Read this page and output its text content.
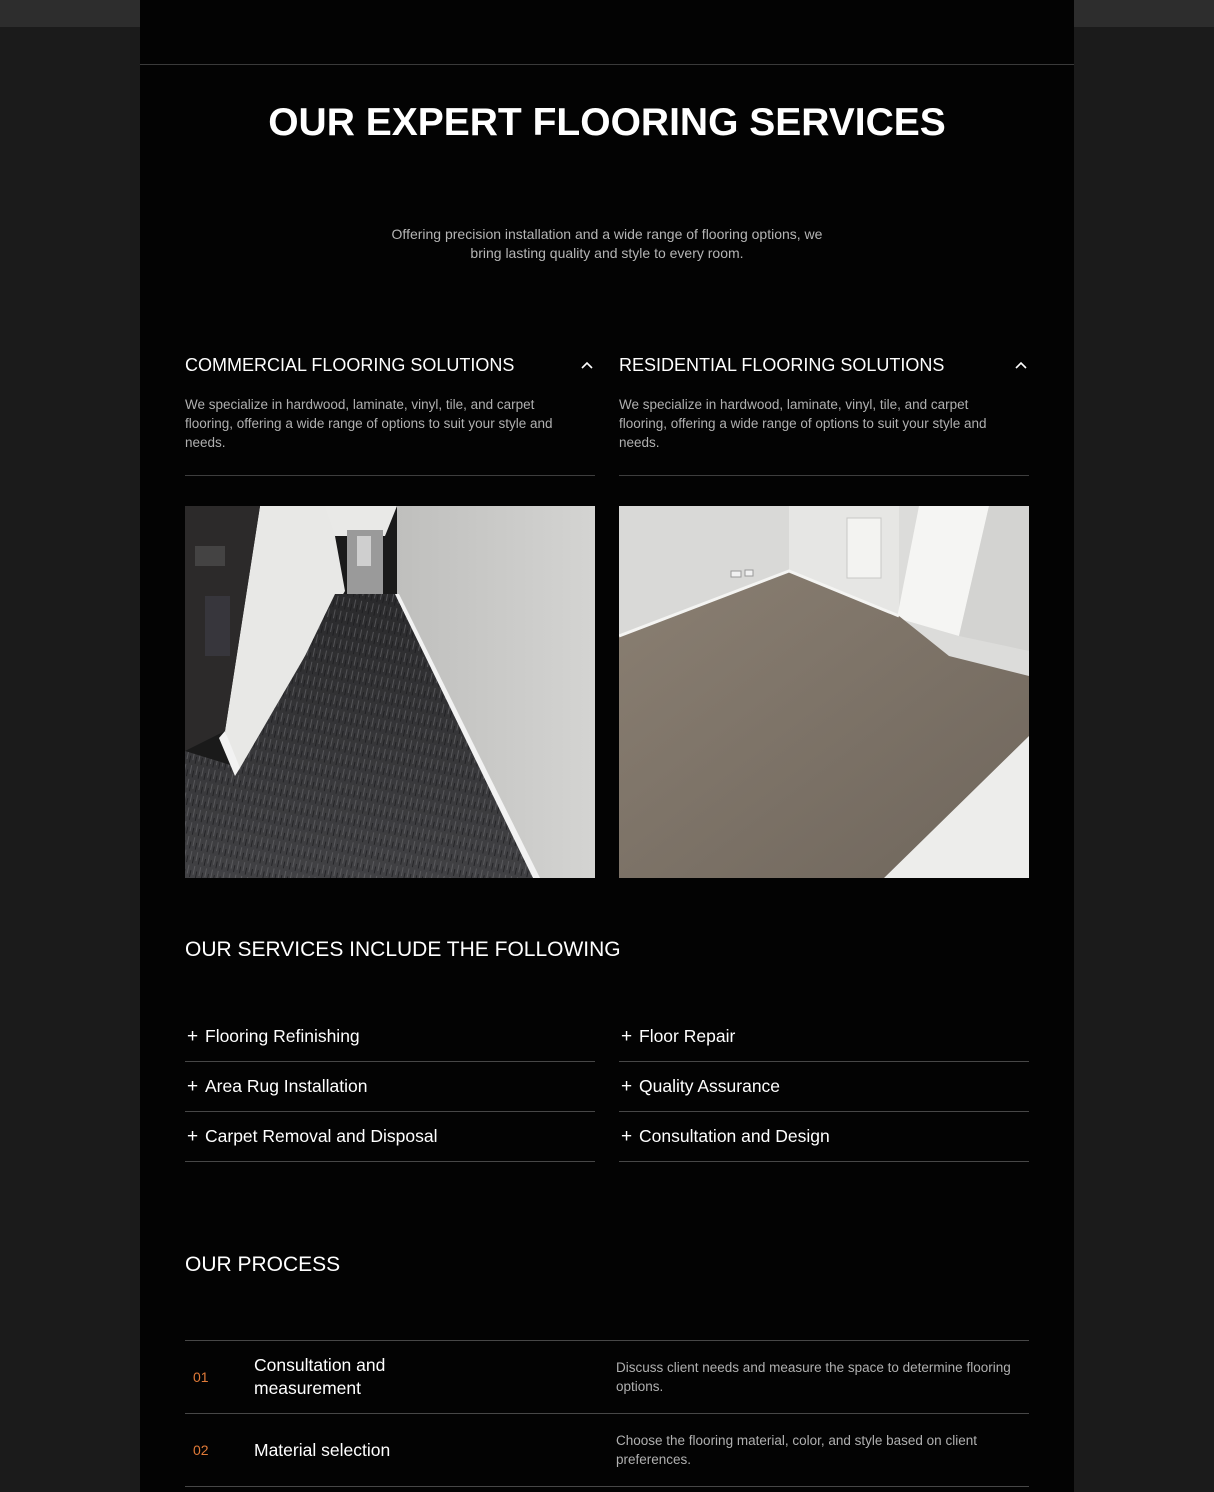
OUR EXPERT FLOORING SERVICES

Offering precision installation and a wide range of flooring options, we bring lasting quality and style to every room.

COMMERCIAL FLOORING SOLUTIONS
We specialize in hardwood, laminate, vinyl, tile, and carpet flooring, offering a wide range of options to suit your style and needs.
RESIDENTIAL FLOORING SOLUTIONS
We specialize in hardwood, laminate, vinyl, tile, and carpet flooring, offering a wide range of options to suit your style and needs.
OUR SERVICES INCLUDE THE FOLLOWING
+ Flooring Refinishing
+ Area Rug Installation
+ Carpet Removal and Disposal
+ Floor Repair
+ Quality Assurance
+ Consultation and Design
OUR PROCESS
01
Consultation and measurement
Discuss client needs and measure the space to determine flooring options.
02	Material selection	Choose the flooring material, color, and style based on client preferences.
